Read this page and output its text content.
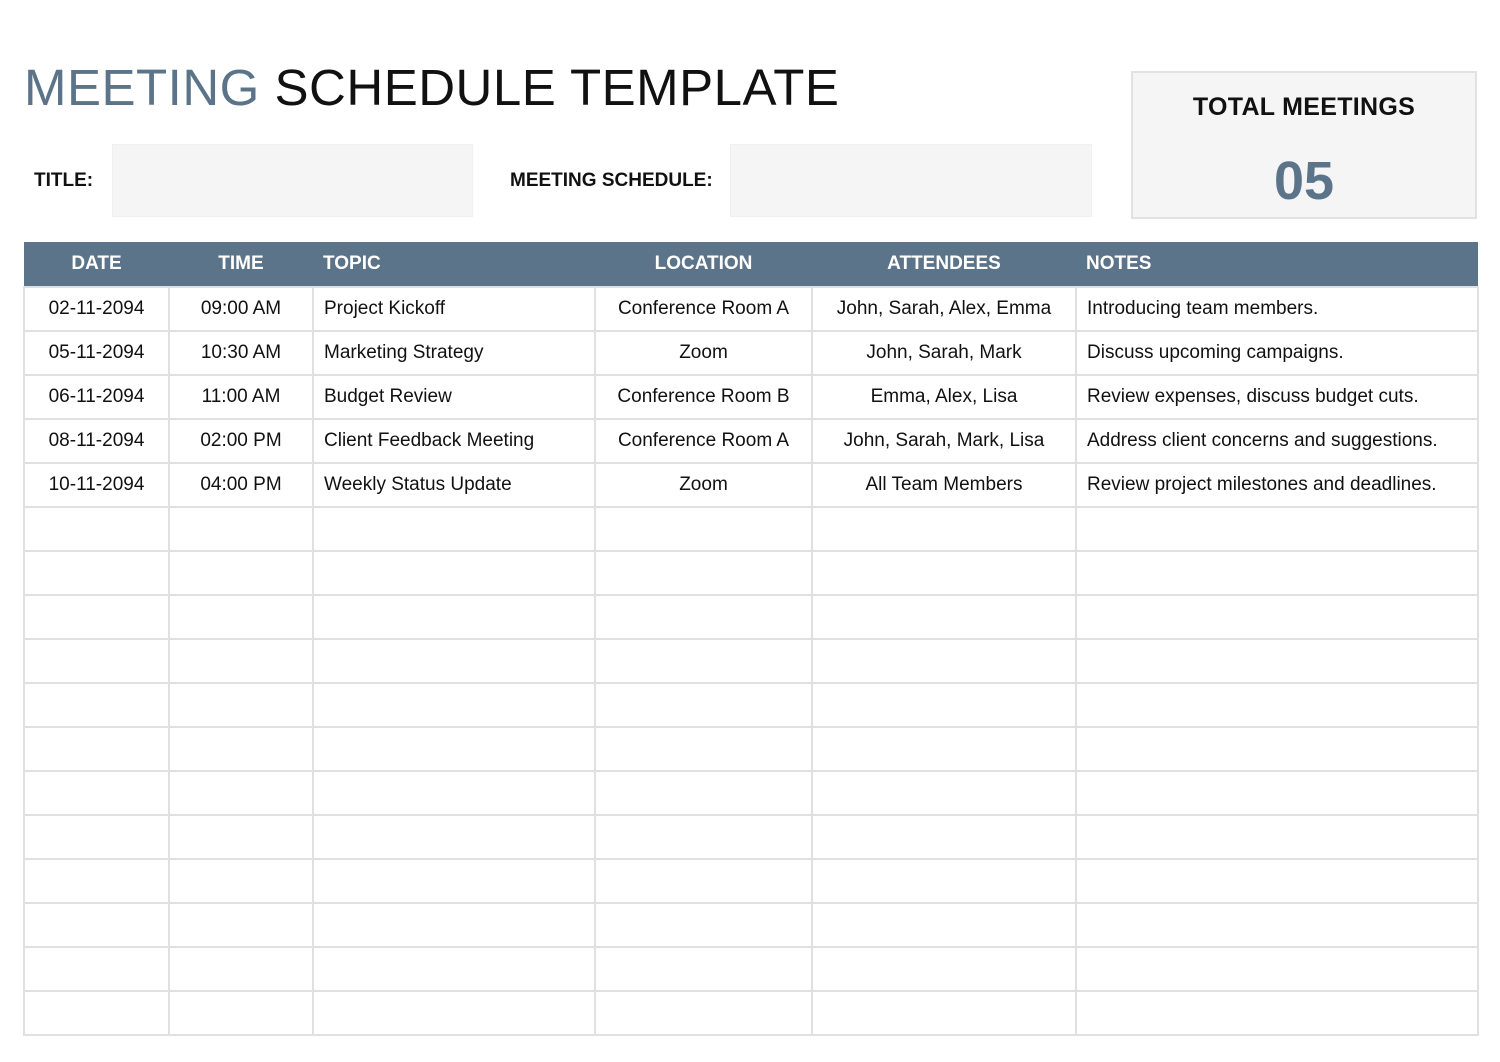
MEETING SCHEDULE TEMPLATE
TITLE:	MEETING SCHEDULE:
TOTAL MEETINGS
05
DATE	TIME	TOPIC	LOCATION	ATTENDEES	NOTES
02-11-2094	09:00 AM	Project Kickoff	Conference Room A	John, Sarah, Alex, Emma	Introducing team members.
05-11-2094	10:30 AM	Marketing Strategy	Zoom	John, Sarah, Mark	Discuss upcoming campaigns.
06-11-2094	11:00 AM	Budget Review	Conference Room B	Emma, Alex, Lisa	Review expenses, discuss budget cuts.
08-11-2094	02:00 PM	Client Feedback Meeting	Conference Room A	John, Sarah, Mark, Lisa	Address client concerns and suggestions.
10-11-2094	04:00 PM	Weekly Status Update	Zoom	All Team Members	Review project milestones and deadlines.
